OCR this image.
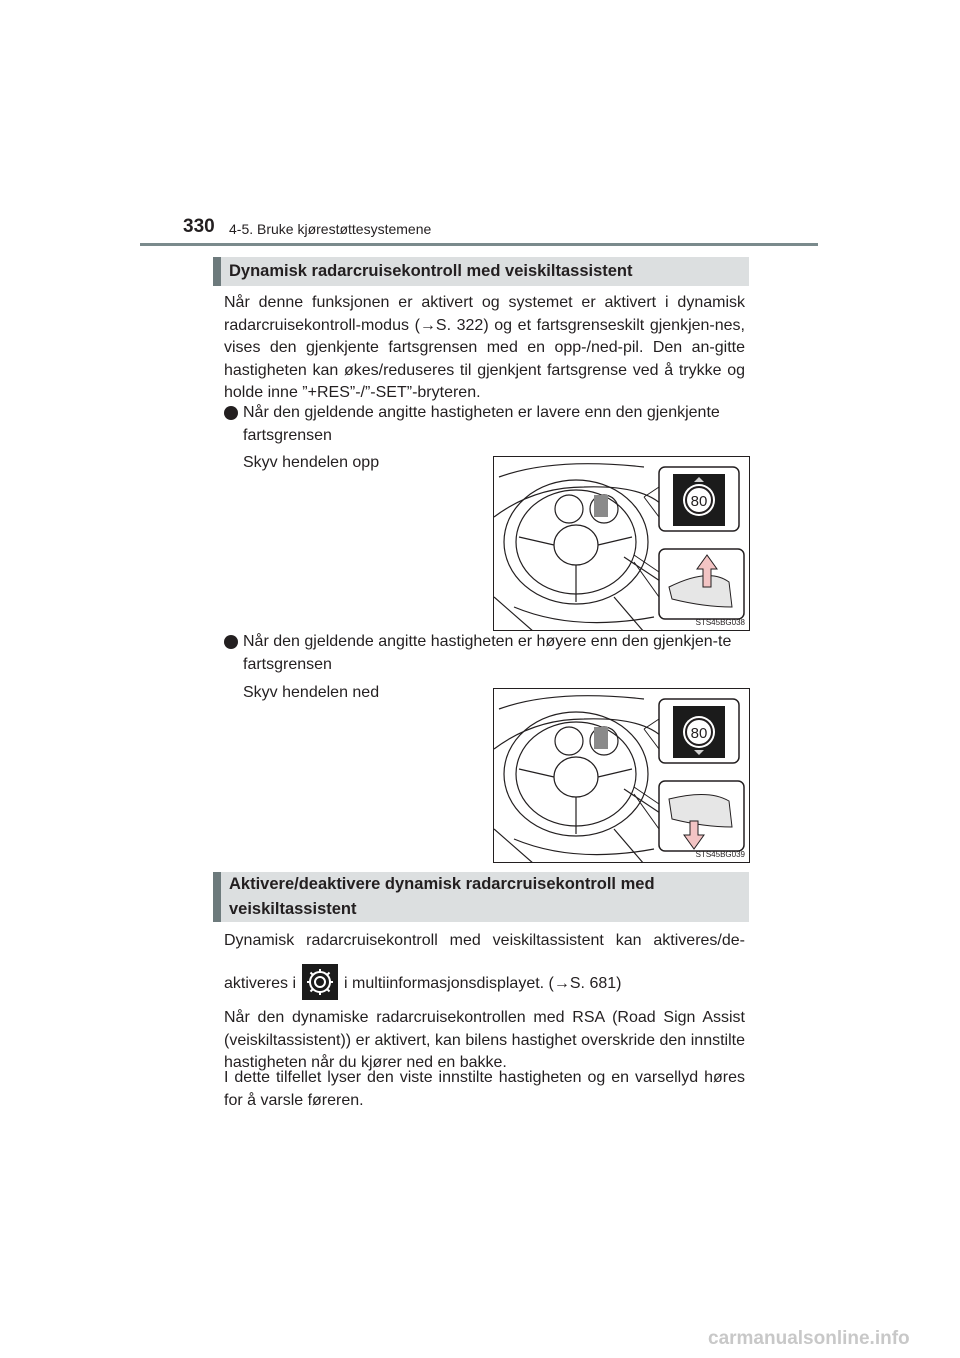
330 4-5. Bruke kjørestøttesystemene
Dynamisk radarcruisekontroll med veiskiltassistent
Når denne funksjonen er aktivert og systemet er aktivert i dynamisk radarcruisekontroll-modus (→S. 322) og et fartsgrenseskilt gjenkjen-nes, vises den gjenkjente fartsgrensen med en opp-/ned-pil. Den an-gitte hastigheten kan økes/reduseres til gjenkjent fartsgrense ved å trykke og holde inne ”+RES”-/”-SET”-bryteren.
Når den gjeldende angitte hastigheten er lavere enn den gjenkjente fartsgrensen
Skyv hendelen opp
80
STS45BG038
Når den gjeldende angitte hastigheten er høyere enn den gjenkjen-te fartsgrensen
Skyv hendelen ned
80
STS45BG039
Aktivere/deaktivere dynamisk radarcruisekontroll med veiskiltassistent
Dynamisk radarcruisekontroll med veiskiltassistent kan aktiveres/de-
aktiveres i	i multiinformasjonsdisplayet. (→S. 681)
Når den dynamiske radarcruisekontrollen med RSA (Road Sign Assist (veiskiltassistent)) er aktivert, kan bilens hastighet overskride den innstilte hastigheten når du kjører ned en bakke.
I dette tilfellet lyser den viste innstilte hastigheten og en varsellyd høres for å varsle føreren.
carmanualsonline.info
